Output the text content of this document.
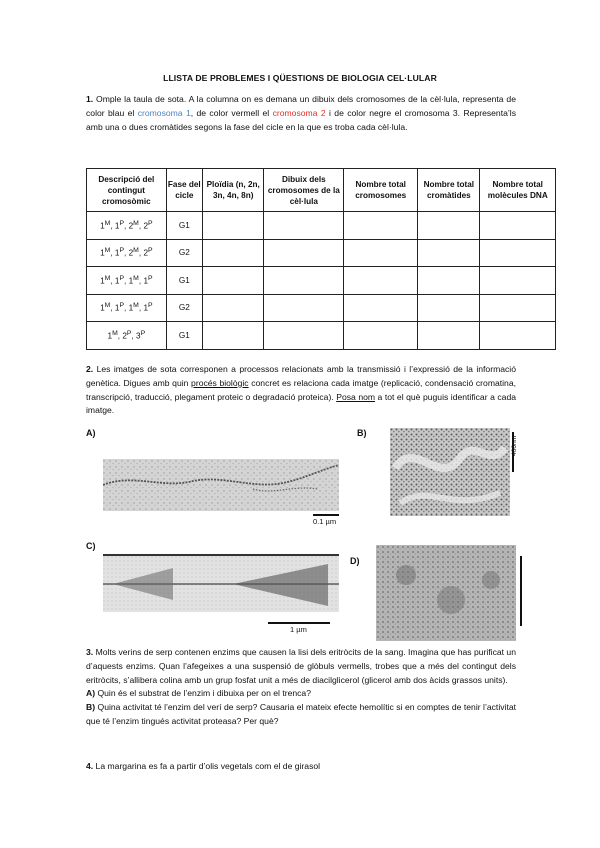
LLISTA DE PROBLEMES I QÜESTIONS DE BIOLOGIA CEL·LULAR
1. Omple la taula de sota. A la columna on es demana un dibuix dels cromosomes de la cèl·lula, representa de color blau el cromosoma 1, de color vermell el cromosoma 2 i de color negre el cromosoma 3. Representa’ls amb una o dues cromàtides segons la fase del cicle en la que es troba cada cèl·lula.
Descripció del contingut cromosòmic	Fase del cicle	Ploïdia (n, 2n, 3n, 4n, 8n)	Dibuix dels cromosomes de la cèl·lula	Nombre total cromosomes	Nombre total cromàtides	Nombre total molècules DNA
$1^M$, $1^P$, $2^M$, $2^P$	G1					
$1^M$, $1^P$, $2^M$, $2^P$	G2					
$1^M$, $1^P$, $1^M$, $1^P$	G1					
$1^M$, $1^P$, $1^M$, $1^P$	G2					
$1^M$, $2^P$, $3^P$	G1					
2. Les imatges de sota corresponen a processos relacionats amb la transmissió i l’expressió de la informació genètica. Digues amb quin procés biològic concret es relaciona cada imatge (replicació, condensació cromatina, transcripció, traducció, plegament proteic o degradació proteica). Posa nom a tot el què puguis identificar a cada imatge.
A)	B)
C)
D)
0.1 µm
400nm
1 µm
3. Molts verins de serp contenen enzims que causen la lisi dels eritròcits de la sang. Imagina que has purificat un d’aquests enzims. Quan l’afegeixes a una suspensió de glòbuls vermells, trobes que a més del contingut dels eritròcits, s’allibera colina amb un grup fosfat unit a més de diacilglicerol (glicerol amb dos àcids grassos units).
A) Quin és el substrat de l’enzim i dibuixa per on el trenca?
B) Quina activitat té l’enzim del verí de serp? Causaria el mateix efecte hemolític si en comptes de tenir l’activitat que té l’enzim tingués activitat proteasa? Per què?
4. La margarina es fa a partir d’olis vegetals com el de girasol
